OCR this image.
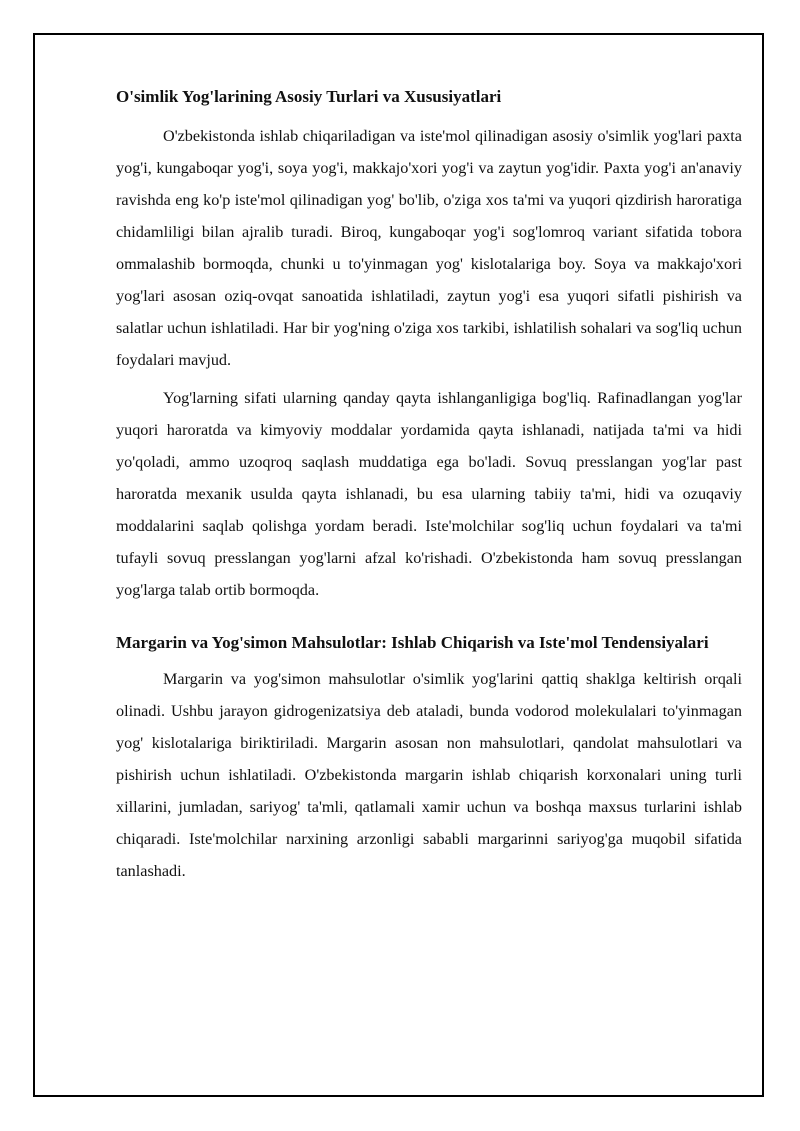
O'simlik Yog'larining Asosiy Turlari va Xususiyatlari

O'zbekistonda ishlab chiqariladigan va iste'mol qilinadigan asosiy o'simlik yog'lari paxta yog'i, kungaboqar yog'i, soya yog'i, makkajo'xori yog'i va zaytun yog'idir. Paxta yog'i an'anaviy ravishda eng ko'p iste'mol qilinadigan yog' bo'lib, o'ziga xos ta'mi va yuqori qizdirish haroratiga chidamliligi bilan ajralib turadi. Biroq, kungaboqar yog'i sog'lomroq variant sifatida tobora ommalashib bormoqda, chunki u to'yinmagan yog' kislotalariga boy. Soya va makkajo'xori yog'lari asosan oziq-ovqat sanoatida ishlatiladi, zaytun yog'i esa yuqori sifatli pishirish va salatlar uchun ishlatiladi. Har bir yog'ning o'ziga xos tarkibi, ishlatilish sohalari va sog'liq uchun foydalari mavjud.

Yog'larning sifati ularning qanday qayta ishlanganligiga bog'liq. Rafinadlangan yog'lar yuqori haroratda va kimyoviy moddalar yordamida qayta ishlanadi, natijada ta'mi va hidi yo'qoladi, ammo uzoqroq saqlash muddatiga ega bo'ladi. Sovuq presslangan yog'lar past haroratda mexanik usulda qayta ishlanadi, bu esa ularning tabiiy ta'mi, hidi va ozuqaviy moddalarini saqlab qolishga yordam beradi. Iste'molchilar sog'liq uchun foydalari va ta'mi tufayli sovuq presslangan yog'larni afzal ko'rishadi. O'zbekistonda ham sovuq presslangan yog'larga talab ortib bormoqda.

Margarin va Yog'simon Mahsulotlar: Ishlab Chiqarish va Iste'mol Tendensiyalari

Margarin va yog'simon mahsulotlar o'simlik yog'larini qattiq shaklga keltirish orqali olinadi. Ushbu jarayon gidrogenizatsiya deb ataladi, bunda vodorod molekulalari to'yinmagan yog' kislotalariga biriktiriladi. Margarin asosan non mahsulotlari, qandolat mahsulotlari va pishirish uchun ishlatiladi. O'zbekistonda margarin ishlab chiqarish korxonalari uning turli xillarini, jumladan, sariyog' ta'mli, qatlamali xamir uchun va boshqa maxsus turlarini ishlab chiqaradi. Iste'molchilar narxining arzonligi sababli margarinni sariyog'ga muqobil sifatida tanlashadi.
